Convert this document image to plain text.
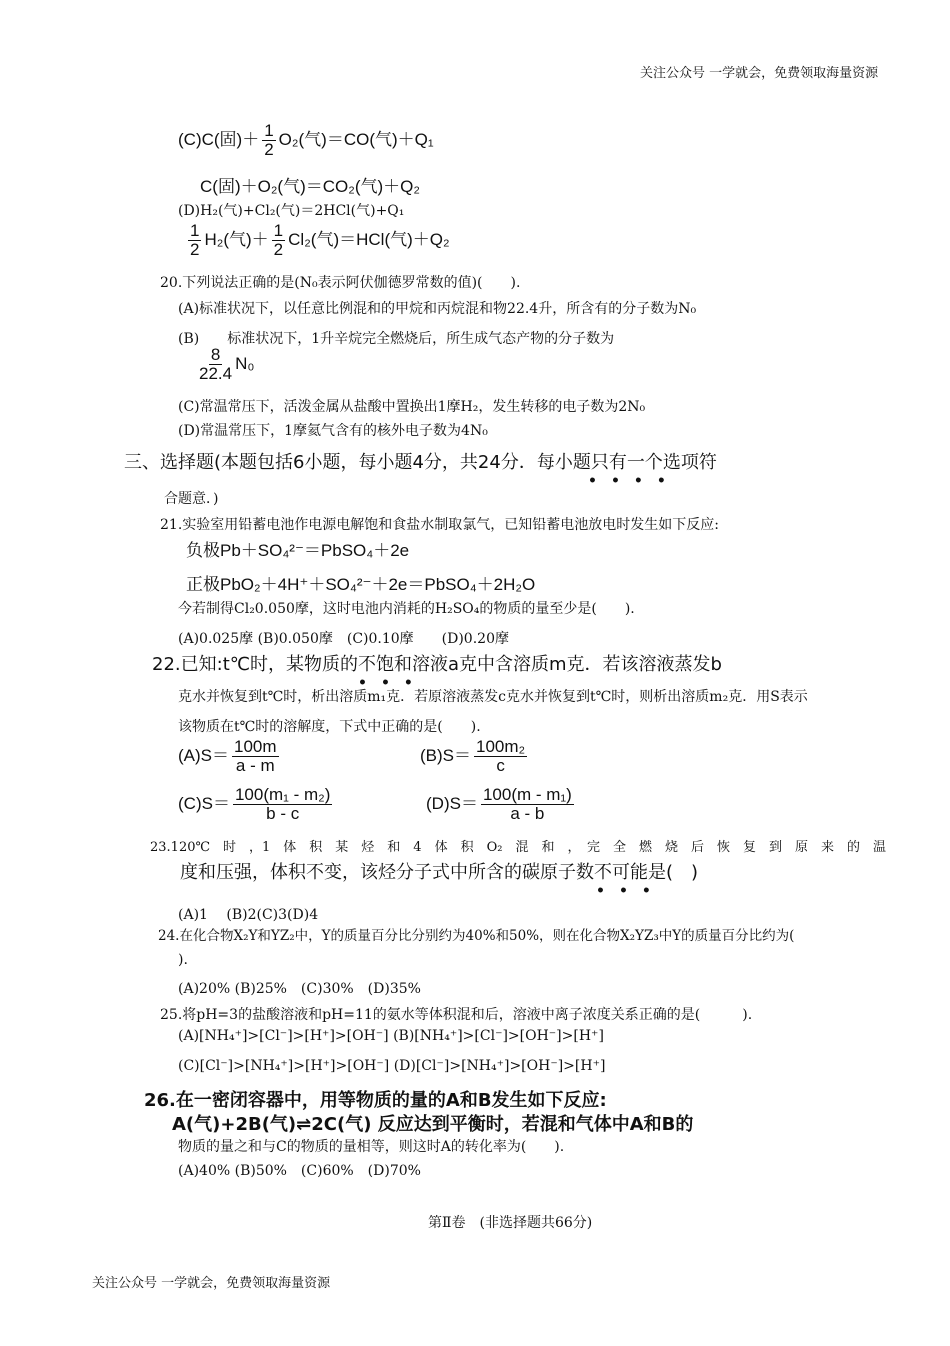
关注公众号 一学就会，免费领取海量资源
(C)C(固)＋ $\frac{1}{2} O_2$(气)＝CO(气)＋Q₁
C(固)＋O₂(气)＝CO₂(气)＋Q₂
(D)H₂(气)+Cl₂(气)＝2HCl(气)+Q₁
$\frac{1}{2} H_2$(气)＋ $\frac{1}{2} Cl_2$(气)＝HCl(气)＋Q₂
20.下列说法正确的是(N₀表示阿伏伽德罗常数的值)(　　).
(A)标准状况下，以任意比例混和的甲烷和丙烷混和物22.4升，所含有的分子数为N₀
(B)　　标准状况下，1升辛烷完全燃烧后，所生成气态产物的分子数为
$\frac{8}{22.4} N_0$
(C)常温常压下，活泼金属从盐酸中置换出1摩H₂，发生转移的电子数为2N₀
(D)常温常压下，1摩氦气含有的核外电子数为4N₀
三、选择题(本题包括6小题，每小题4分，共24分．每小题只有一个选项符
•　•　•　•
合题意．)
21.实验室用铅蓄电池作电源电解饱和食盐水制取氯气，已知铅蓄电池放电时发生如下反应:
负极Pb＋SO₄²⁻＝PbSO₄＋2e
正极PbO₂＋4H⁺＋SO₄²⁻＋2e＝PbSO₄＋2H₂O
今若制得Cl₂0.050摩，这时电池内消耗的H₂SO₄的物质的量至少是(　　).
(A)0.025摩 (B)0.050摩　(C)0.10摩　　(D)0.20摩
22.已知:t℃时，某物质的不饱和溶液a克中含溶质m克．若该溶液蒸发b
•　•　•
克水并恢复到t℃时，析出溶质m₁克．若原溶液蒸发c克水并恢复到t℃时，则析出溶质m₂克．用S表示
该物质在t℃时的溶解度，下式中正确的是(　　).
$(A)S= \frac{100m}{a - m}$	$(B)S= \frac{\text{100m₂}}{c}$
$(C)S= \frac{\text{100(m₁ - m₂)}}{b - c}$	$(D)S= \frac{\text{100(m - m₁)}}{a - b}$
23.120℃　时　，1　体　积　某　烃　和　4　体　积　O₂　混　和　，　完　全　燃　烧　后　恢　复　到　原　来　的　温
度和压强，体积不变，该烃分子式中所含的碳原子数不可能是(　)
•　•　•
(A)1　 (B)2(C)3(D)4
24.在化合物X₂Y和YZ₂中，Y的质量百分比分别约为40%和50%，则在化合物X₂YZ₃中Y的质量百分比约为(
).
(A)20% (B)25%　(C)30%　(D)35%
25.将pH=3的盐酸溶液和pH=11的氨水等体积混和后，溶液中离子浓度关系正确的是(　　　).
(A)[NH₄⁺]>[Cl⁻]>[H⁺]>[OH⁻] (B)[NH₄⁺]>[Cl⁻]>[OH⁻]>[H⁺]
(C)[Cl⁻]>[NH₄⁺]>[H⁺]>[OH⁻] (D)[Cl⁻]>[NH₄⁺]>[OH⁻]>[H⁺]
26.在一密闭容器中，用等物质的量的A和B发生如下反应:
A(气)+2B(气)⇌2C(气) 反应达到平衡时，若混和气体中A和B的
物质的量之和与C的物质的量相等，则这时A的转化率为(　　).
(A)40% (B)50%　(C)60%　(D)70%
第Ⅱ卷　(非选择题共66分)
关注公众号 一学就会，免费领取海量资源
